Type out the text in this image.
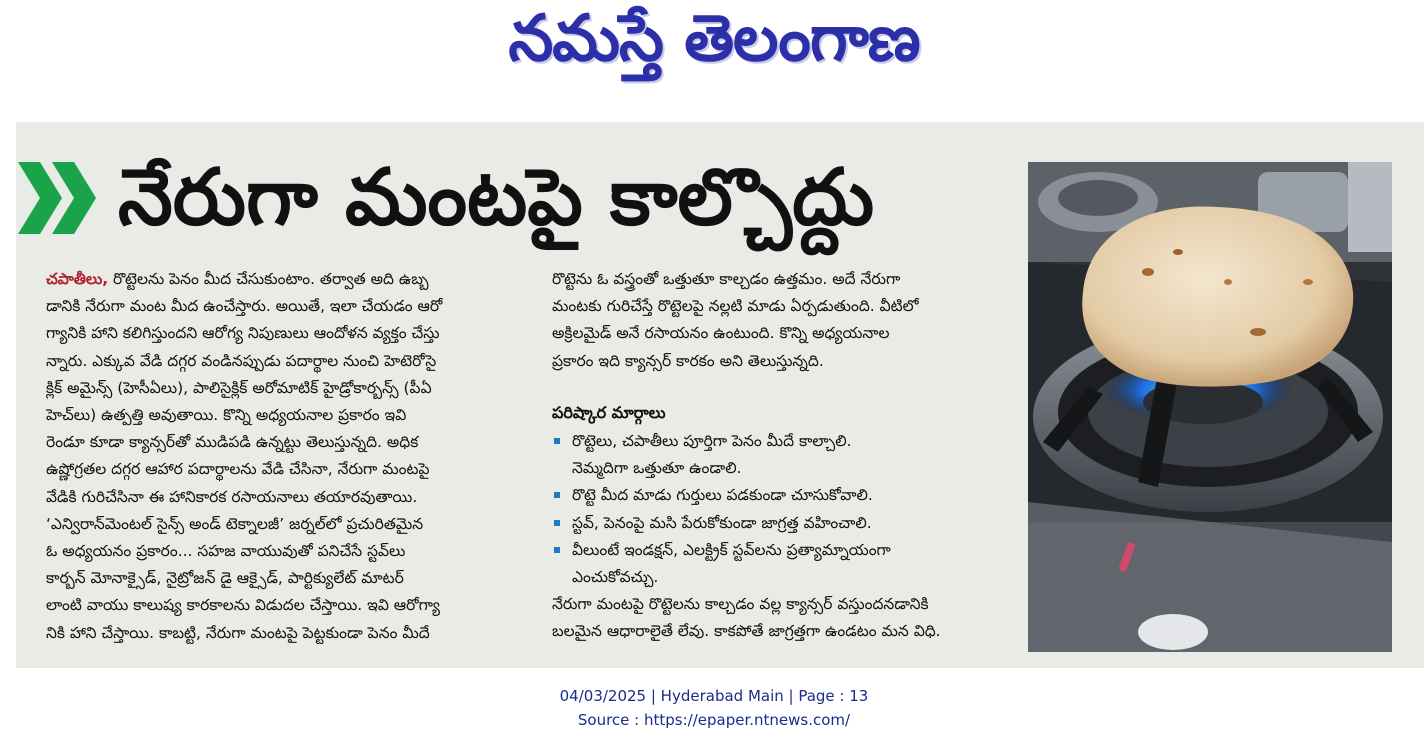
నమస్తే తెలంగాణ
నేరుగా మంటపై కాల్చొద్దు
చపాతీలు, రొట్టెలను పెనం మీద చేసుకుంటాం. తర్వాత అది ఉబ్బ
డానికి నేరుగా మంట మీద ఉంచేస్తారు. అయితే, ఇలా చేయడం ఆరో
గ్యానికి హాని కలిగిస్తుందని ఆరోగ్య నిపుణులు ఆందోళన వ్యక్తం చేస్తు
న్నారు. ఎక్కువ వేడి దగ్గర వండినప్పుడు పదార్థాల నుంచి హెటెరోసై
క్లిక్ అమైన్స్ (హెసీఏలు), పాలిసైక్లిక్ అరోమాటిక్ హైడ్రోకార్బన్స్ (పీఏ
హెచ్‌లు) ఉత్పత్తి అవుతాయి. కొన్ని అధ్యయనాల ప్రకారం ఇవి
రెండూ కూడా క్యాన్సర్‌తో ముడిపడి ఉన్నట్టు తెలుస్తున్నది. అధిక
ఉష్ణోగ్రతల దగ్గర ఆహార పదార్థాలను వేడి చేసినా, నేరుగా మంటపై
వేడికి గురిచేసినా ఈ హానికారక రసాయనాలు తయారవుతాయి.
‘ఎన్విరాన్‌మెంటల్ సైన్స్ అండ్ టెక్నాలజీ’ జర్నల్‌లో ప్రచురితమైన
ఓ అధ్యయనం ప్రకారం... సహజ వాయువుతో పనిచేసే స్టవ్‌లు
కార్బన్ మోనాక్సైడ్, నైట్రోజన్ డై ఆక్సైడ్, పార్టిక్యులేట్ మాటర్
లాంటి వాయు కాలుష్య కారకాలను విడుదల చేస్తాయి. ఇవి ఆరోగ్యా
నికి హాని చేస్తాయి. కాబట్టి, నేరుగా మంటపై పెట్టకుండా పెనం మీదే
రొట్టెను ఓ వస్త్రంతో ఒత్తుతూ కాల్చడం ఉత్తమం. అదే నేరుగా
మంటకు గురిచేస్తే రొట్టెలపై నల్లటి మాడు ఏర్పడుతుంది. వీటిలో
అక్రిలమైడ్ అనే రసాయనం ఉంటుంది. కొన్ని అధ్యయనాల
ప్రకారం ఇది క్యాన్సర్ కారకం అని తెలుస్తున్నది.
పరిష్కార మార్గాలు
రొట్టెలు, చపాతీలు పూర్తిగా పెనం మీదే కాల్చాలి.
నెమ్మదిగా ఒత్తుతూ ఉండాలి.
రొట్టె మీద మాడు గుర్తులు పడకుండా చూసుకోవాలి.
స్టవ్, పెనంపై మసి పేరుకోకుండా జాగ్రత్త వహించాలి.
వీలుంటే ఇండక్షన్, ఎలక్ట్రిక్ స్టవ్‌లను ప్రత్యామ్నాయంగా
ఎంచుకోవచ్చు.
నేరుగా మంటపై రొట్టెలను కాల్చడం వల్ల క్యాన్సర్ వస్తుందనడానికి
బలమైన ఆధారాలైతే లేవు. కాకపోతే జాగ్రత్తగా ఉండటం మన విధి.
04/03/2025 | Hyderabad Main | Page : 13
Source : https://epaper.ntnews.com/
